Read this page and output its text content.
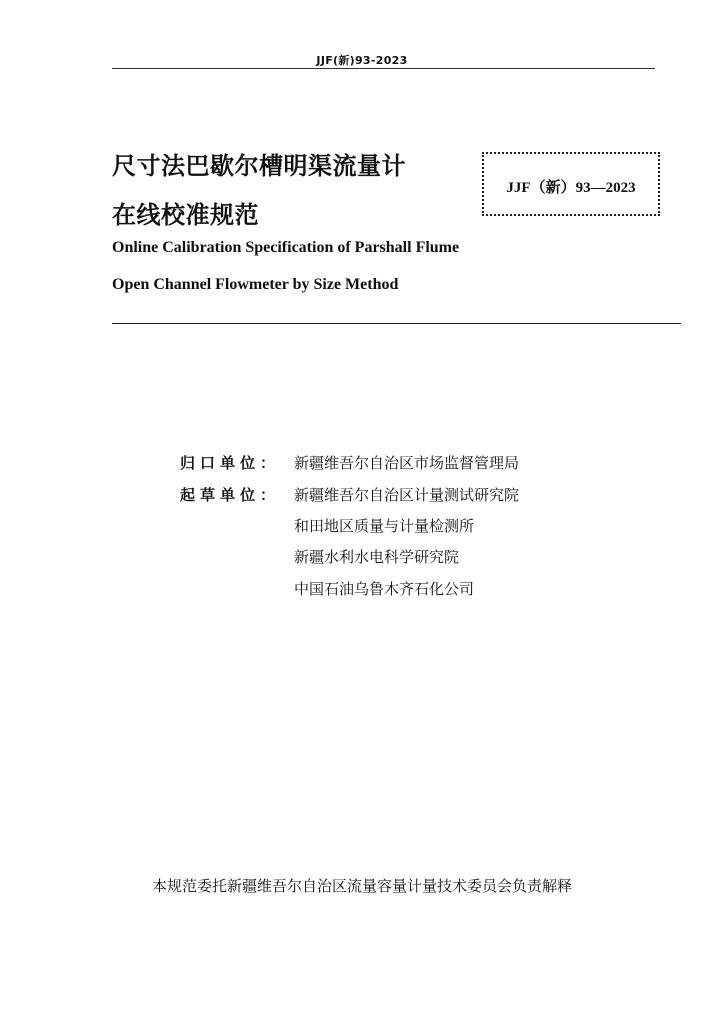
JJF(新)93-2023
尺寸法巴歇尔槽明渠流量计
在线校准规范
JJF（新）93—2023
Online Calibration Specification of Parshall Flume
Open Channel Flowmeter by Size Method
归口单位： 新疆维吾尔自治区市场监督管理局
起草单位： 新疆维吾尔自治区计量测试研究院
和田地区质量与计量检测所
新疆水利水电科学研究院
中国石油乌鲁木齐石化公司
本规范委托新疆维吾尔自治区流量容量计量技术委员会负责解释
